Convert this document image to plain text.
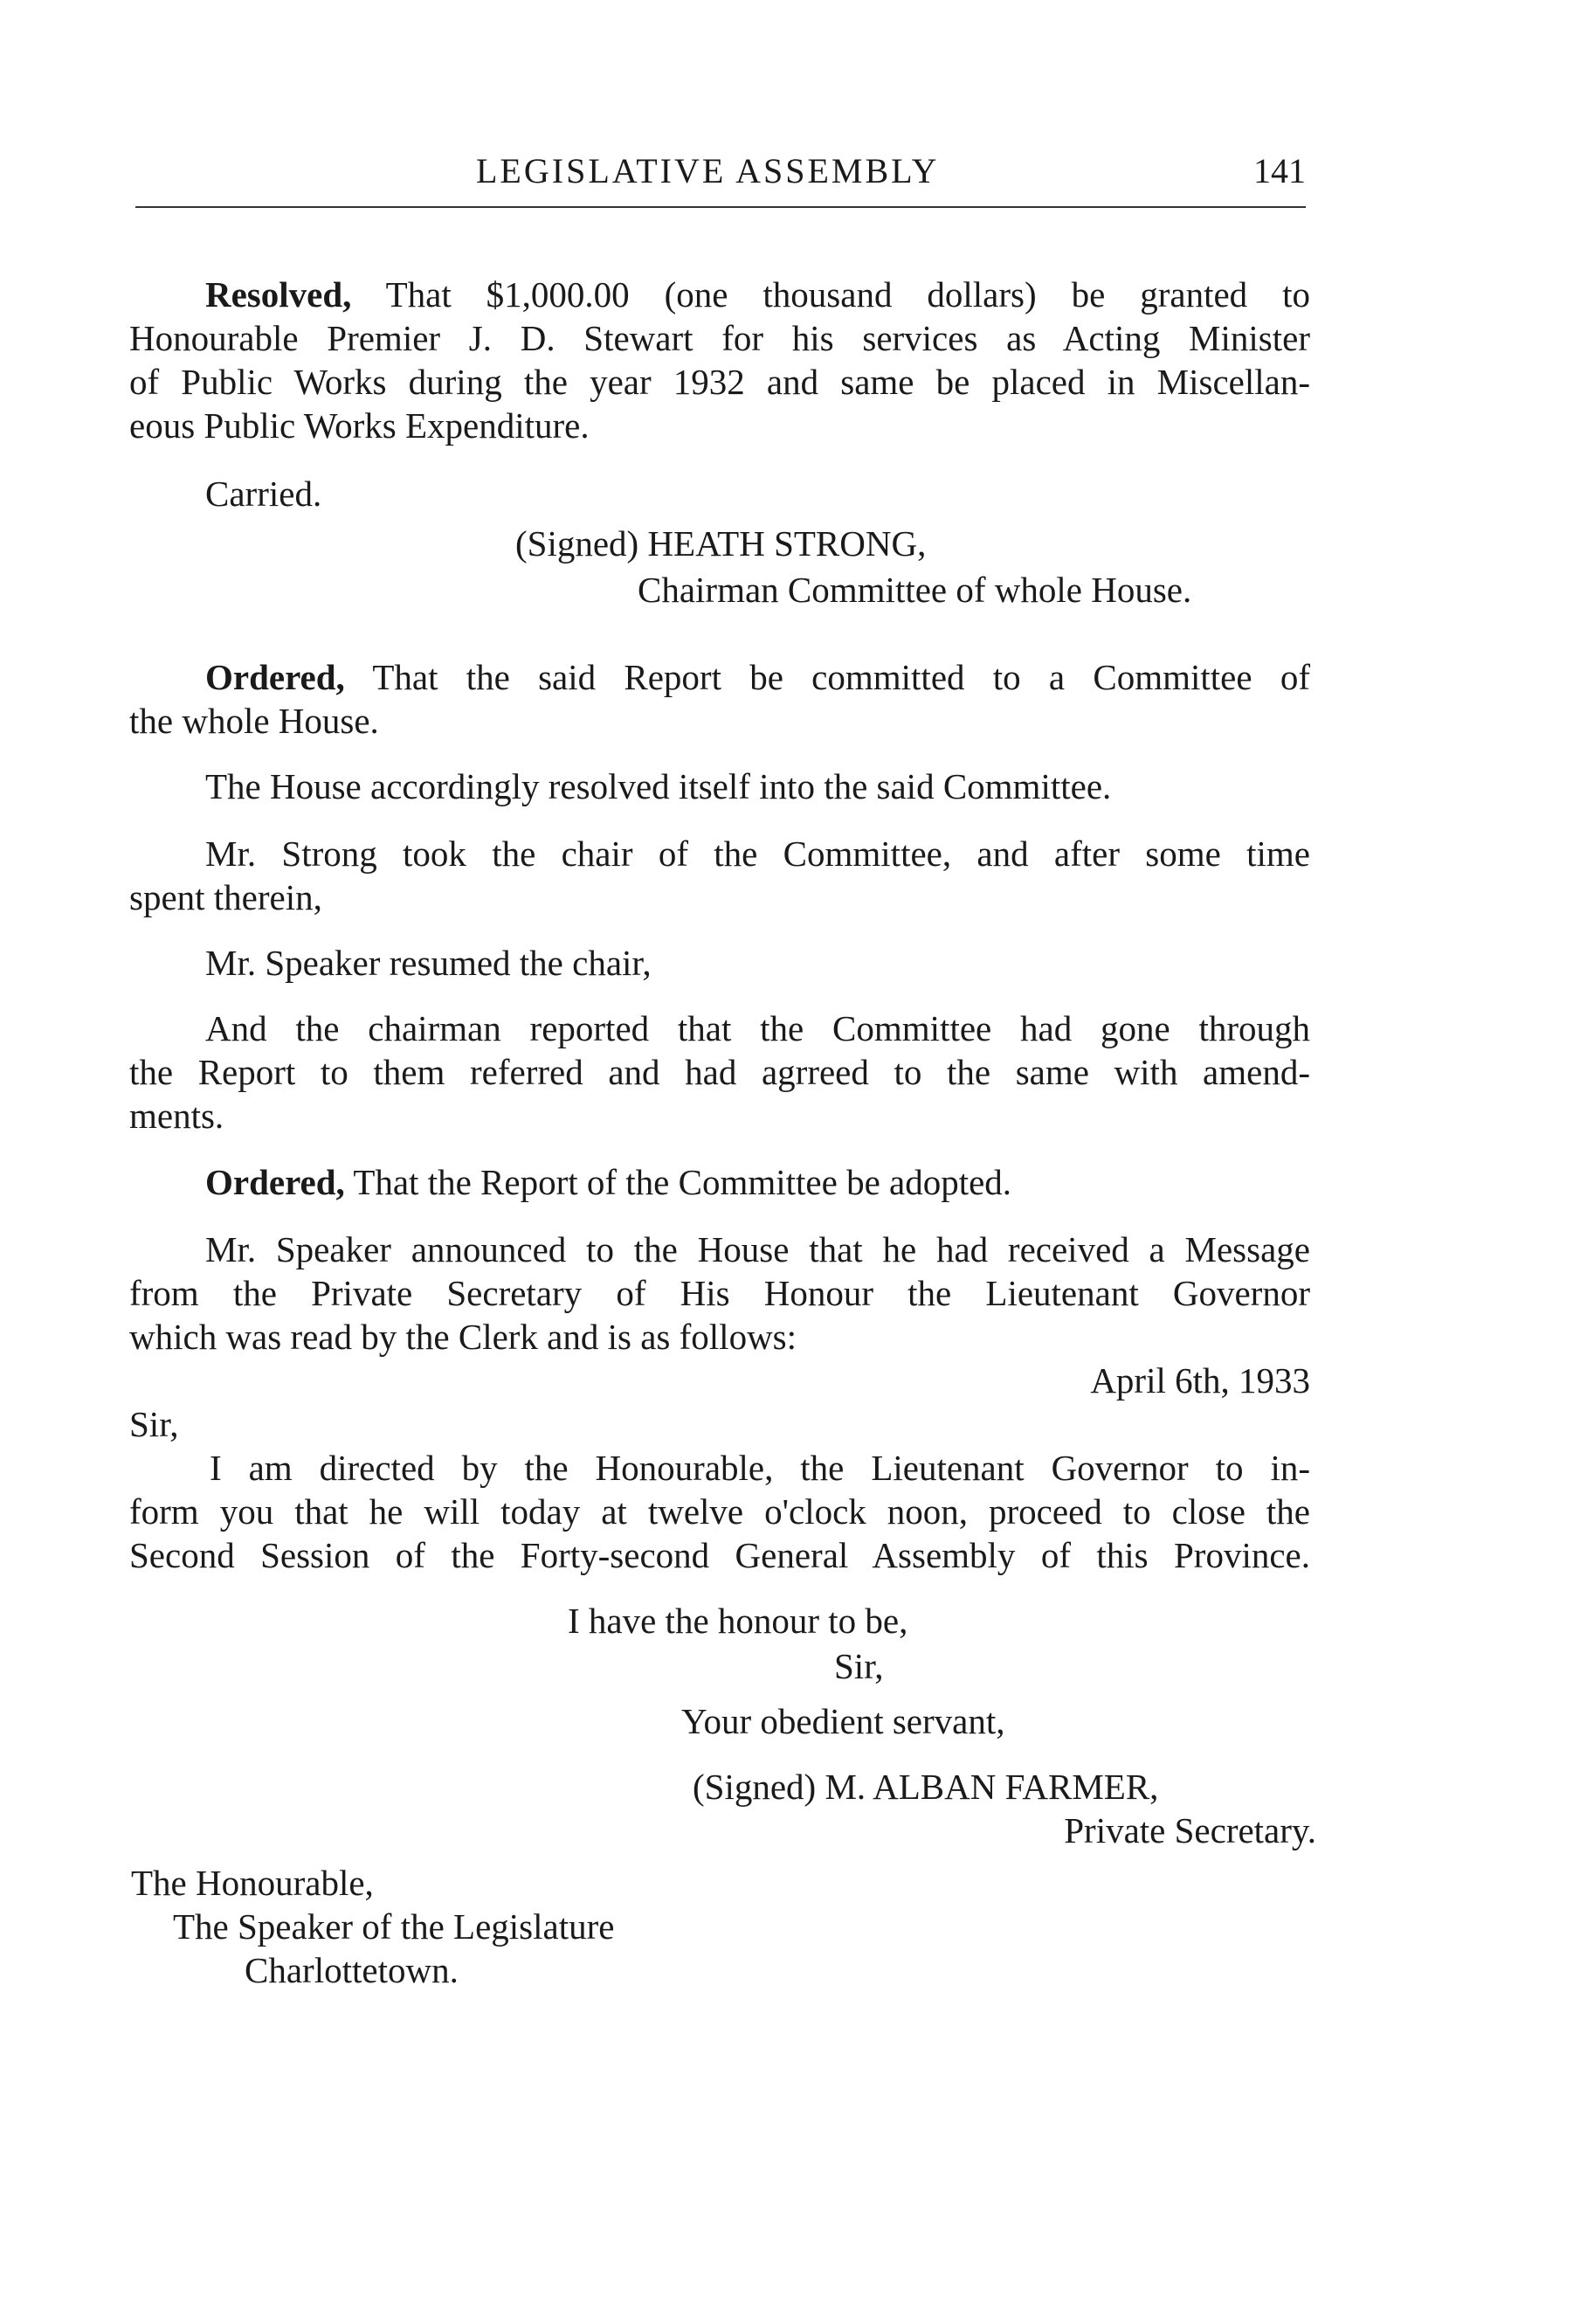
LEGISLATIVE ASSEMBLY	141
Resolved, That $1,000.00 (one thousand dollars) be granted to
Honourable Premier J. D. Stewart for his services as Acting Minister
of Public Works during the year 1932 and same be placed in Miscellan-
eous Public Works Expenditure.
Carried.
(Signed) HEATH STRONG,
Chairman Committee of whole House.
Ordered, That the said Report be committed to a Committee of
the whole House.
The House accordingly resolved itself into the said Committee.
Mr. Strong took the chair of the Committee, and after some time
spent therein,
Mr. Speaker resumed the chair,
And the chairman reported that the Committee had gone through
the Report to them referred and had agrreed to the same with amend-
ments.
Ordered, That the Report of the Committee be adopted.
Mr. Speaker announced to the House that he had received a Message
from the Private Secretary of His Honour the Lieutenant Governor
which was read by the Clerk and is as follows:
April 6th, 1933
Sir,
I am directed by the Honourable, the Lieutenant Governor to in-
form you that he will today at twelve o'clock noon, proceed to close the
Second Session of the Forty-second General Assembly of this Province.
I have the honour to be,
Sir,
Your obedient servant,
(Signed) M. ALBAN FARMER,
Private Secretary.
The Honourable,
The Speaker of the Legislature
Charlottetown.
